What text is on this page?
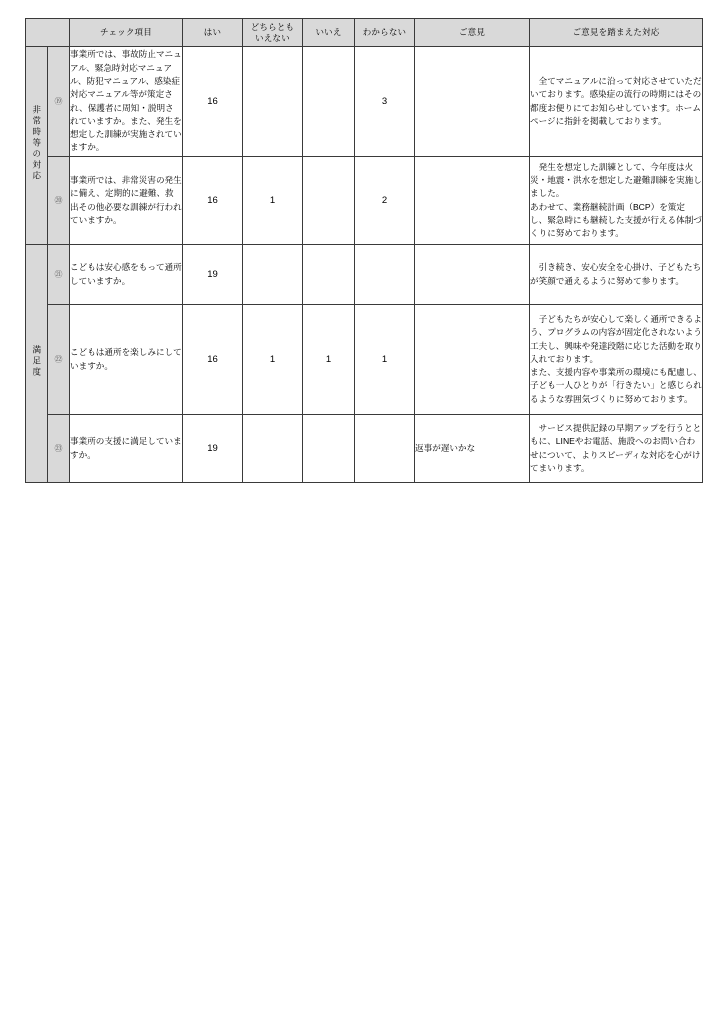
		チェック項目	はい	どちらとも
いえない	いいえ	わからない	ご意見	ご意見を踏まえた対応
非常時等の対応	⑲	事業所では、事故防止マニュアル、緊急時対応マニュアル、防犯マニュアル、感染症対応マニュアル等が策定され、保護者に周知・説明されていますか。また、発生を想定した訓練が実施されていますか。	16			3		全てマニュアルに沿って対応させていただいております。感染症の流行の時期にはその都度お便りにてお知らせしています。ホームページに指針を掲載しております。

	⑳	事業所では、非常災害の発生に備え、定期的に避難、救出その他必要な訓練が行われていますか。	16	1		2		発生を想定した訓練として、今年度は火災・地震・洪水を想定した避難訓練を実施しました。

あわせて、業務継続計画（BCP）を策定し、緊急時にも継続した支援が行える体制づくりに努めております。

満足度	㉑	こどもは安心感をもって通所していますか。	19					引き続き、安心安全を心掛け、子どもたちが笑顔で通えるように努めて参ります。

	㉒	こどもは通所を楽しみにしていますか。	16	1	1	1		子どもたちが安心して楽しく通所できるよう、プログラムの内容が固定化されないよう工夫し、興味や発達段階に応じた活動を取り入れております。

また、支援内容や事業所の環境にも配慮し、子ども一人ひとりが「行きたい」と感じられるような雰囲気づくりに努めております。

	㉓	事業所の支援に満足していますか。	19				返事が遅いかな	サービス提供記録の早期アップを行うとともに、LINEやお電話、施設へのお問い合わせについて、よりスピーディな対応を心がけてまいります。
